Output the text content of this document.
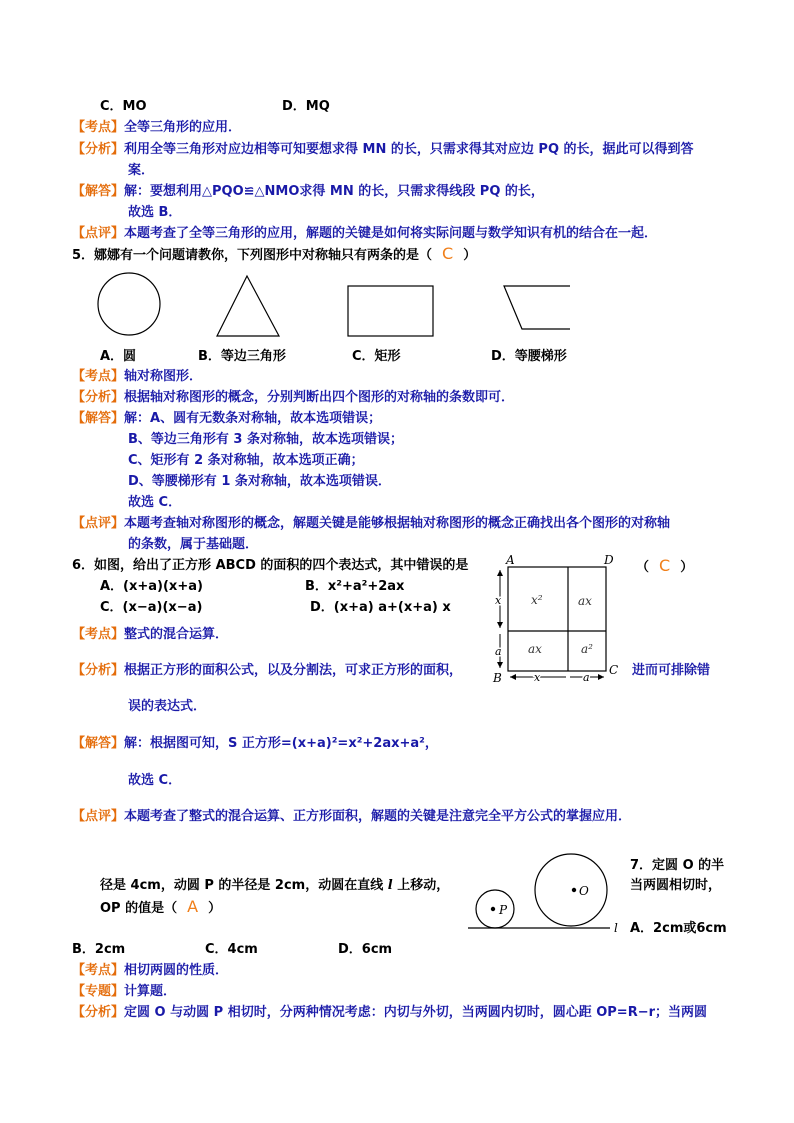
C．MO	D．MQ
【考点】全等三角形的应用．
【分析】利用全等三角形对应边相等可知要想求得 MN 的长，只需求得其对应边 PQ 的长，据此可以得到答
案．
【解答】解：要想利用△PQO≌△NMO求得 MN 的长，只需求得线段 PQ 的长，
故选 B．
【点评】本题考查了全等三角形的应用，解题的关键是如何将实际问题与数学知识有机的结合在一起．
5．娜娜有一个问题请教你，下列图形中对称轴只有两条的是（ C ）
A．圆	B．等边三角形	C．矩形	D．等腰梯形
【考点】轴对称图形．
【分析】根据轴对称图形的概念，分别判断出四个图形的对称轴的条数即可．
【解答】解：A、圆有无数条对称轴，故本选项错误；
B、等边三角形有 3 条对称轴，故本选项错误；
C、矩形有 2 条对称轴，故本选项正确；
D、等腰梯形有 1 条对称轴，故本选项错误．
故选 C．
【点评】本题考查轴对称图形的概念，解题关键是能够根据轴对称图形的概念正确找出各个图形的对称轴
的条数，属于基础题．
6．如图，给出了正方形 ABCD 的面积的四个表达式，其中错误的是	（ C ）
A．(x+a)(x+a)	B．x²+a²+2ax
C．(x−a)(x−a)	D．(x+a) a+(x+a) x
A	D
B
C
x²	ax
ax	a²
x
a
x	a
【考点】整式的混合运算．
【分析】根据正方形的面积公式，以及分割法，可求正方形的面积，	进而可排除错
误的表达式．
【解答】解：根据图可知，S 正方形=(x+a)²=x²+2ax+a²，
故选 C．
【点评】本题考查了整式的混合运算、正方形面积，解题的关键是注意完全平方公式的掌握应用．
7．定圆 O 的半
当两圆相切时，
径是 4cm，动圆 P 的半径是 2cm，动圆在直线 l 上移动，
OP 的值是（ A ）
A．2cm或6cm
l
P
O
B．2cm	C．4cm	D．6cm
【考点】相切两圆的性质．
【专题】计算题．
【分析】定圆 O 与动圆 P 相切时，分两种情况考虑：内切与外切，当两圆内切时，圆心距 OP=R−r；当两圆
